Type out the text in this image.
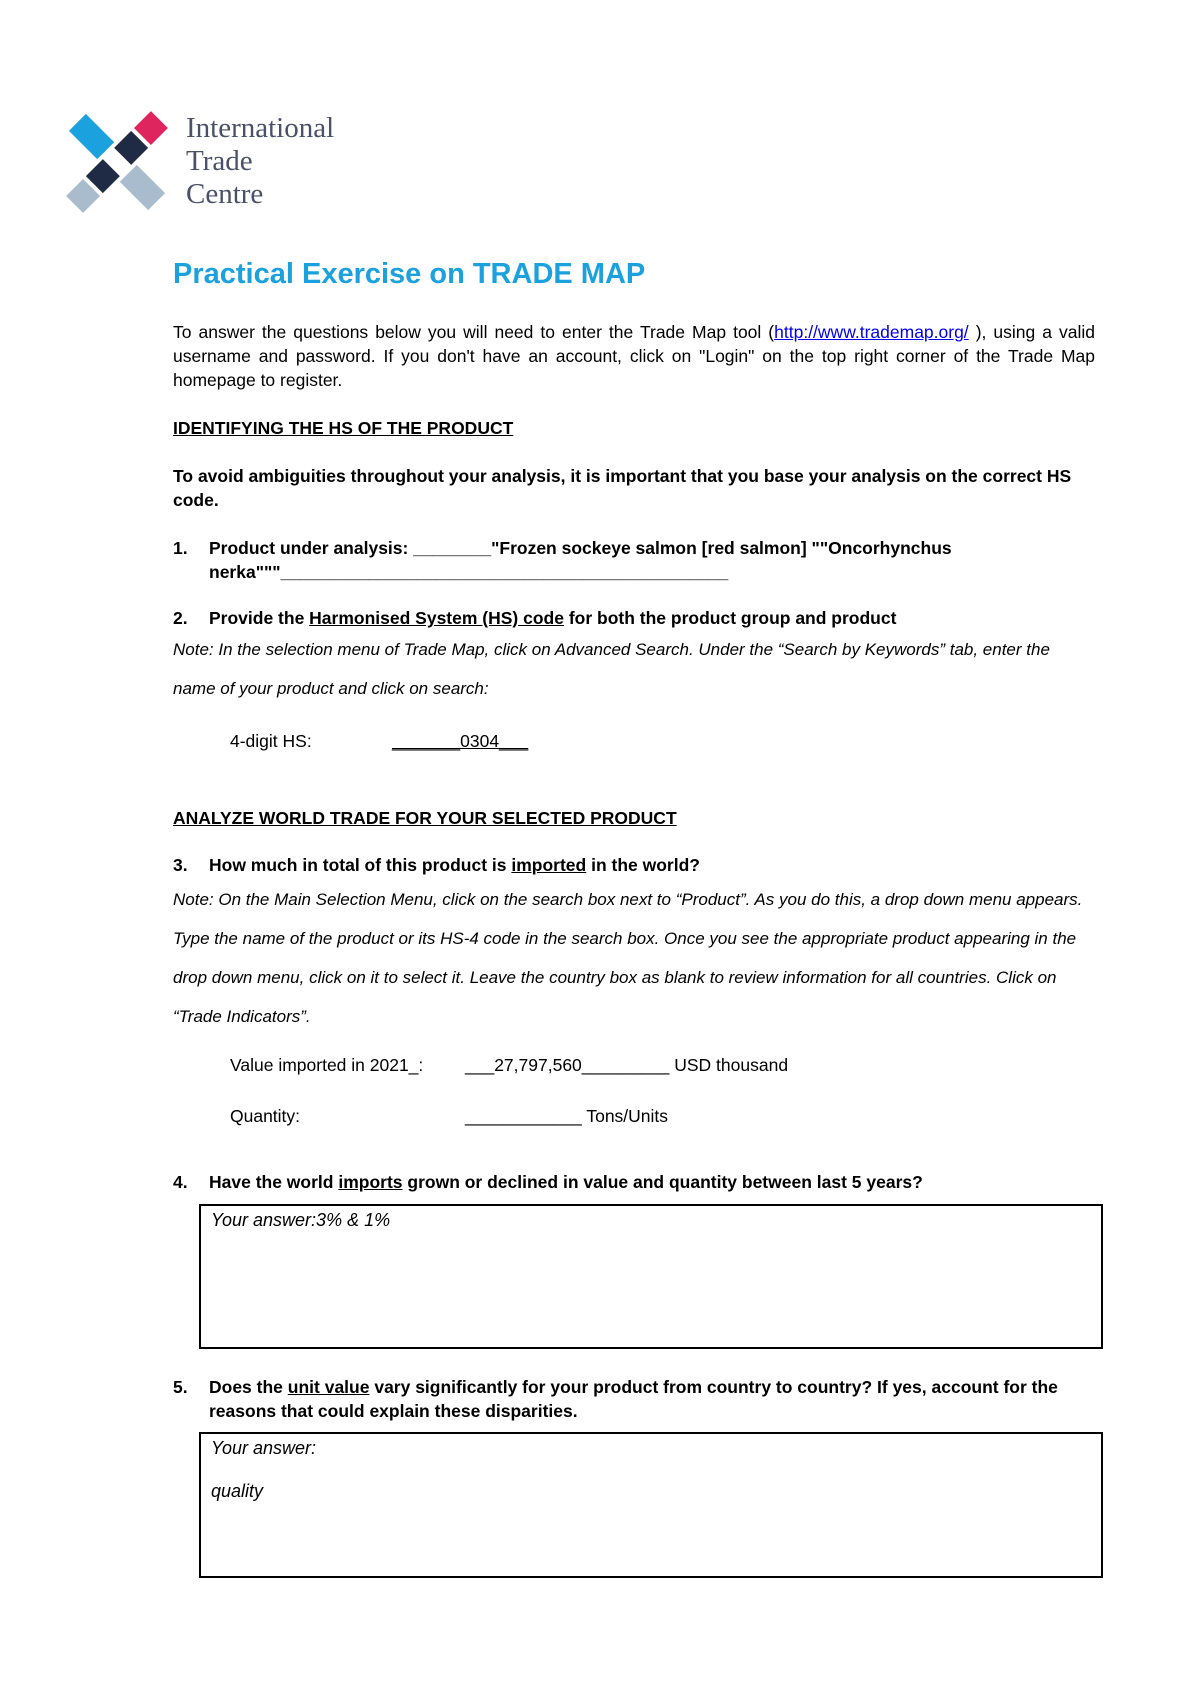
International
Trade
Centre
Practical Exercise on TRADE MAP
To answer the questions below you will need to enter the Trade Map tool (http://www.trademap.org/ ), using a valid username and password. If you don't have an account, click on "Login" on the top right corner of the Trade Map homepage to register.
IDENTIFYING THE HS OF THE PRODUCT
To avoid ambiguities throughout your analysis, it is important that you base your analysis on the correct HS code.
1. Product under analysis: ________"Frozen sockeye salmon [red salmon] ""Oncorhynchus nerka"""______________________________________________
2. Provide the Harmonised System (HS) code for both the product group and product
Note: In the selection menu of Trade Map, click on Advanced Search. Under the “Search by Keywords” tab, enter the name of your product and click on search:
4-digit HS:	_______0304___
ANALYZE WORLD TRADE FOR YOUR SELECTED PRODUCT
3. How much in total of this product is imported in the world?
Note: On the Main Selection Menu, click on the search box next to “Product”. As you do this, a drop down menu appears. Type the name of the product or its HS-4 code in the search box. Once you see the appropriate product appearing in the drop down menu, click on it to select it. Leave the country box as blank to review information for all countries. Click on “Trade Indicators”.
Value imported in 2021_: ___27,797,560_________ USD thousand
Quantity:	____________ Tons/Units
4. Have the world imports grown or declined in value and quantity between last 5 years?

Your answer:3% & 1%

5. Does the unit value vary significantly for your product from country to country? If yes, account for the reasons that could explain these disparities.

Your answer:

quality
